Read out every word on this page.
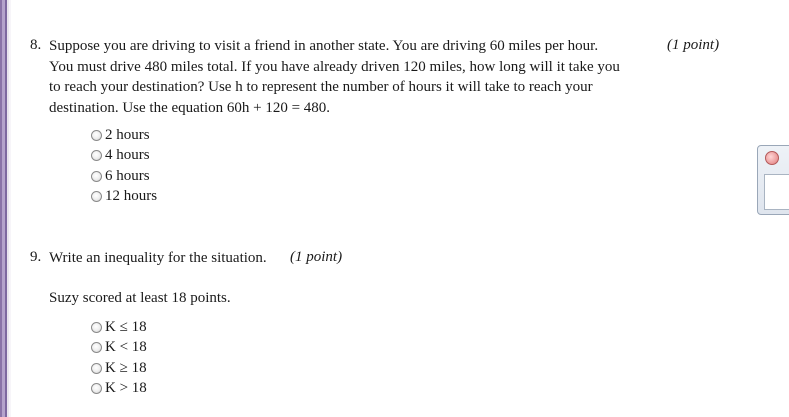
8. Suppose you are driving to visit a friend in another state. You are driving 60 miles per hour.
You must drive 480 miles total. If you have already driven 120 miles, how long will it take you
to reach your destination? Use h to represent the number of hours it will take to reach your
destination. Use the equation 60h + 120 = 480.
(1 point)
2 hours
4 hours
6 hours
12 hours
9. Write an inequality for the situation. (1 point)
Suzy scored at least 18 points.
K ≤ 18
K < 18
K ≥ 18
K > 18
